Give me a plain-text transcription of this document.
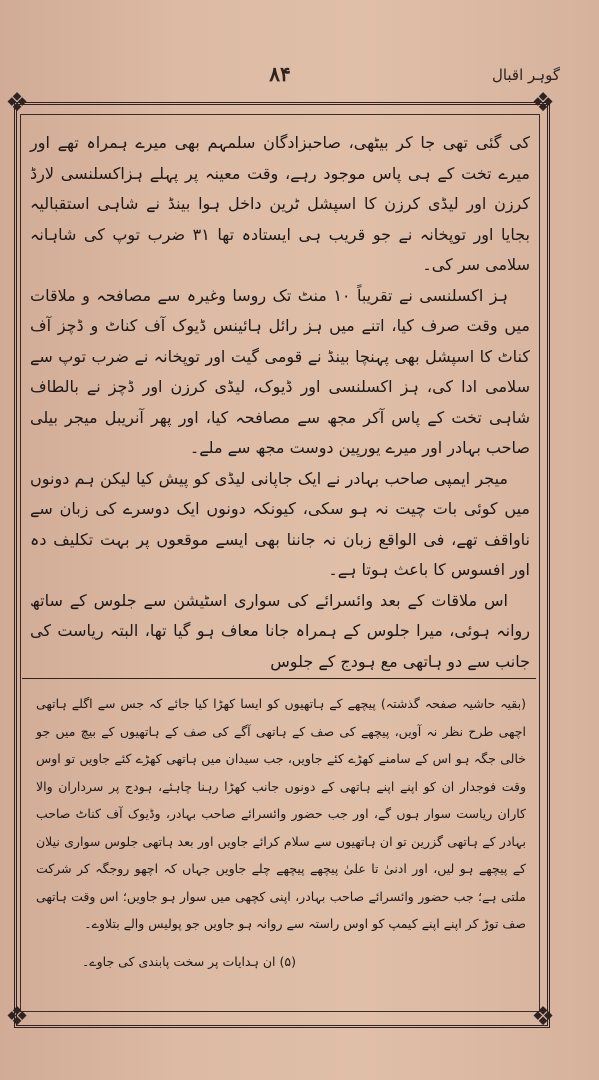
۸۴	گوہر اقبال
❖	❖
❖	❖

کی گئی تھی جا کر بیٹھی، صاحبزادگان سلمہم بھی میرے ہمراہ تھے اور میرے تخت کے ہی پاس موجود رہے، وقت معینہ پر پہلے ہزاکسلنسی لارڈ کرزن اور لیڈی کرزن کا اسپشل ٹرین داخل ہوا بینڈ نے شاہی استقبالیہ بجایا اور توپخانہ نے جو قریب ہی ایستادہ تھا ۳۱ ضرب توپ کی شاہانہ سلامی سر کی۔

ہز اکسلنسی نے تقریباً ۱۰ منٹ تک روسا وغیرہ سے مصافحہ و ملاقات میں وقت صرف کیا، اتنے میں ہز رائل ہائینس ڈیوک آف کناٹ و ڈچز آف کناٹ کا اسپشل بھی پہنچا بینڈ نے قومی گیت اور توپخانہ نے ضرب توپ سے سلامی ادا کی، ہز اکسلنسی اور ڈیوک، لیڈی کرزن اور ڈچز نے بالطاف شاہی تخت کے پاس آکر مجھ سے مصافحہ کیا، اور پھر آنریبل میجر بیلی صاحب بہادر اور میرے یورپین دوست مجھ سے ملے۔

میجر ایمپی صاحب بہادر نے ایک جاپانی لیڈی کو پیش کیا لیکن ہم دونوں میں کوئی بات چیت نہ ہو سکی، کیونکہ دونوں ایک دوسرے کی زبان سے ناواقف تھے، فی الواقع زبان نہ جاننا بھی ایسے موقعوں پر بہت تکلیف دہ اور افسوس کا باعث ہوتا ہے۔

اس ملاقات کے بعد وائسرائے کی سواری اسٹیشن سے جلوس کے ساتھ روانہ ہوئی، میرا جلوس کے ہمراہ جانا معاف ہو گیا تھا، البتہ ریاست کی جانب سے دو ہاتھی مع ہودج کے جلوس

(بقیہ حاشیہ صفحہ گذشتہ) پیچھے کے ہاتھیوں کو ایسا کھڑا کیا جائے کہ جس سے اگلے ہاتھی اچھی طرح نظر نہ آویں، پیچھے کی صف کے ہاتھی آگے کی صف کے ہاتھیوں کے بیچ میں جو خالی جگہ ہو اس کے سامنے کھڑے کئے جاویں، جب سیدان میں ہاتھی کھڑے کئے جاویں تو اوس وقت فوجدار ان کو اپنے اپنے ہاتھی کے دونوں جانب کھڑا رہنا چاہئے، ہودج پر سرداران والا کاران ریاست سوار ہوں گے، اور جب حضور وائسرائے صاحب بہادر، وڈیوک آف کناٹ صاحب بہادر کے ہاتھی گزرین تو ان ہاتھیوں سے سلام کرائے جاویں اور بعد ہاتھی جلوس سواری نیلان کے پیچھے ہو لیں، اور ادنیٰ تا علیٰ پیچھے پیچھے چلے جاویں جہاں کہ اچھو روجگہ کر شرکت ملتی ہے؛ جب حضور وائسرائے صاحب بہادر، اپنی کچھی میں سوار ہو جاویں؛ اس وقت ہاتھی صف توڑ کر اپنے اپنے کیمپ کو اوس راستہ سے روانہ ہو جاویں جو پولیس والے بتلاوے۔

(۵) ان ہدایات پر سخت پابندی کی جاوے۔
